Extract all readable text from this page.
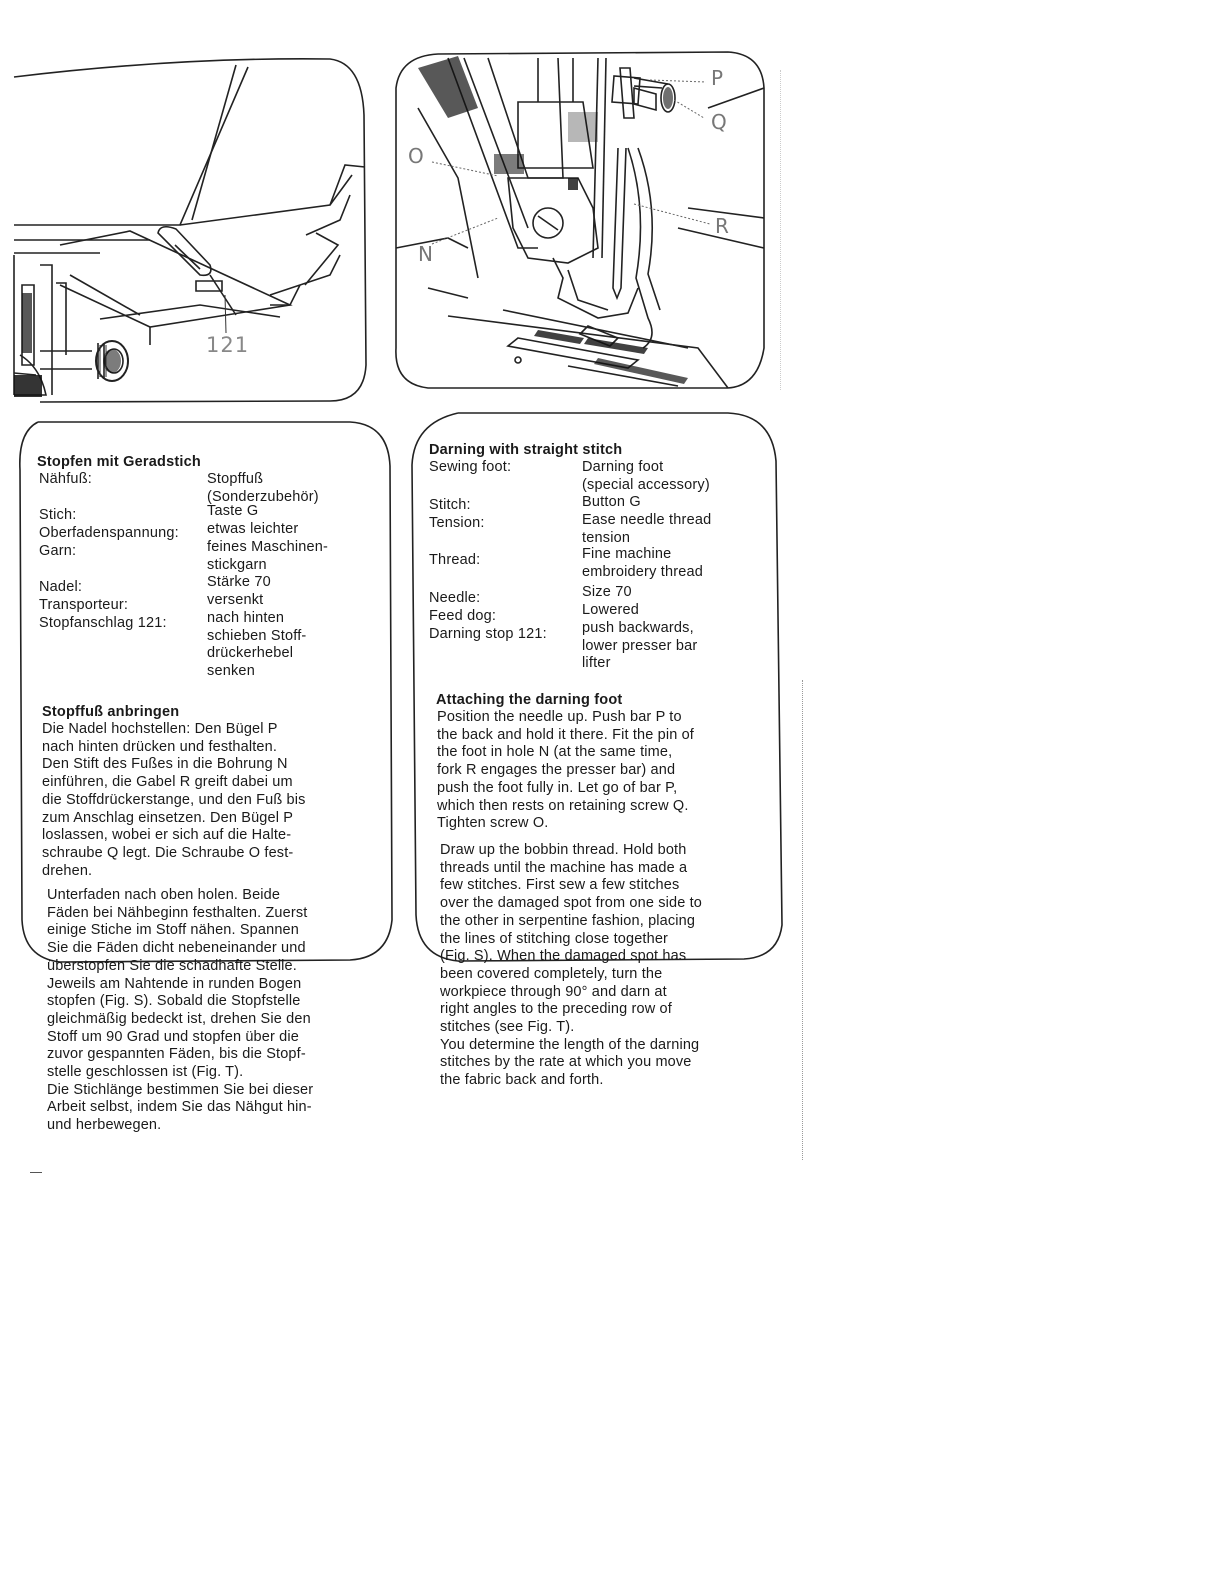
121
P
Q
O
R
N
Stopfen mit Geradstich
Nähfuß:	Stopffuß
(Sonderzubehör)
Stich:	Taste G
Oberfadenspannung: etwas leichter
Garn:	feines Maschinen-
stickgarn
Nadel:	Stärke 70
Transporteur:	versenkt
Stopfanschlag 121:	nach hinten
schieben Stoff-
drückerhebel
senken
Stopffuß anbringen
Die Nadel hochstellen: Den Bügel P
nach hinten drücken und festhalten.
Den Stift des Fußes in die Bohrung N
einführen, die Gabel R greift dabei um
die Stoffdrückerstange, und den Fuß bis
zum Anschlag einsetzen. Den Bügel P
loslassen, wobei er sich auf die Halte-
schraube Q legt. Die Schraube O fest-
drehen.
Unterfaden nach oben holen. Beide
Fäden bei Nähbeginn festhalten. Zuerst
einige Stiche im Stoff nähen. Spannen
Sie die Fäden dicht nebeneinander und
überstopfen Sie die schadhafte Stelle.
Jeweils am Nahtende in runden Bogen
stopfen (Fig. S). Sobald die Stopfstelle
gleichmäßig bedeckt ist, drehen Sie den
Stoff um 90 Grad und stopfen über die
zuvor gespannten Fäden, bis die Stopf-
stelle geschlossen ist (Fig. T).
Die Stichlänge bestimmen Sie bei dieser
Arbeit selbst, indem Sie das Nähgut hin-
und herbewegen.
Darning with straight stitch
Sewing foot:	Darning foot
(special accessory)
Stitch:	Button G
Tension:	Ease needle thread
tension
Thread:	Fine machine
embroidery thread
Needle:	Size 70
Feed dog:	Lowered
Darning stop 121: push backwards,
lower presser bar
lifter
Attaching the darning foot
Position the needle up. Push bar P to
the back and hold it there. Fit the pin of
the foot in hole N (at the same time,
fork R engages the presser bar) and
push the foot fully in. Let go of bar P,
which then rests on retaining screw Q.
Tighten screw O.
Draw up the bobbin thread. Hold both
threads until the machine has made a
few stitches. First sew a few stitches
over the damaged spot from one side to
the other in serpentine fashion, placing
the lines of stitching close together
(Fig. S). When the damaged spot has
been covered completely, turn the
workpiece through 90° and darn at
right angles to the preceding row of
stitches (see Fig. T).
You determine the length of the darning
stitches by the rate at which you move
the fabric back and forth.
